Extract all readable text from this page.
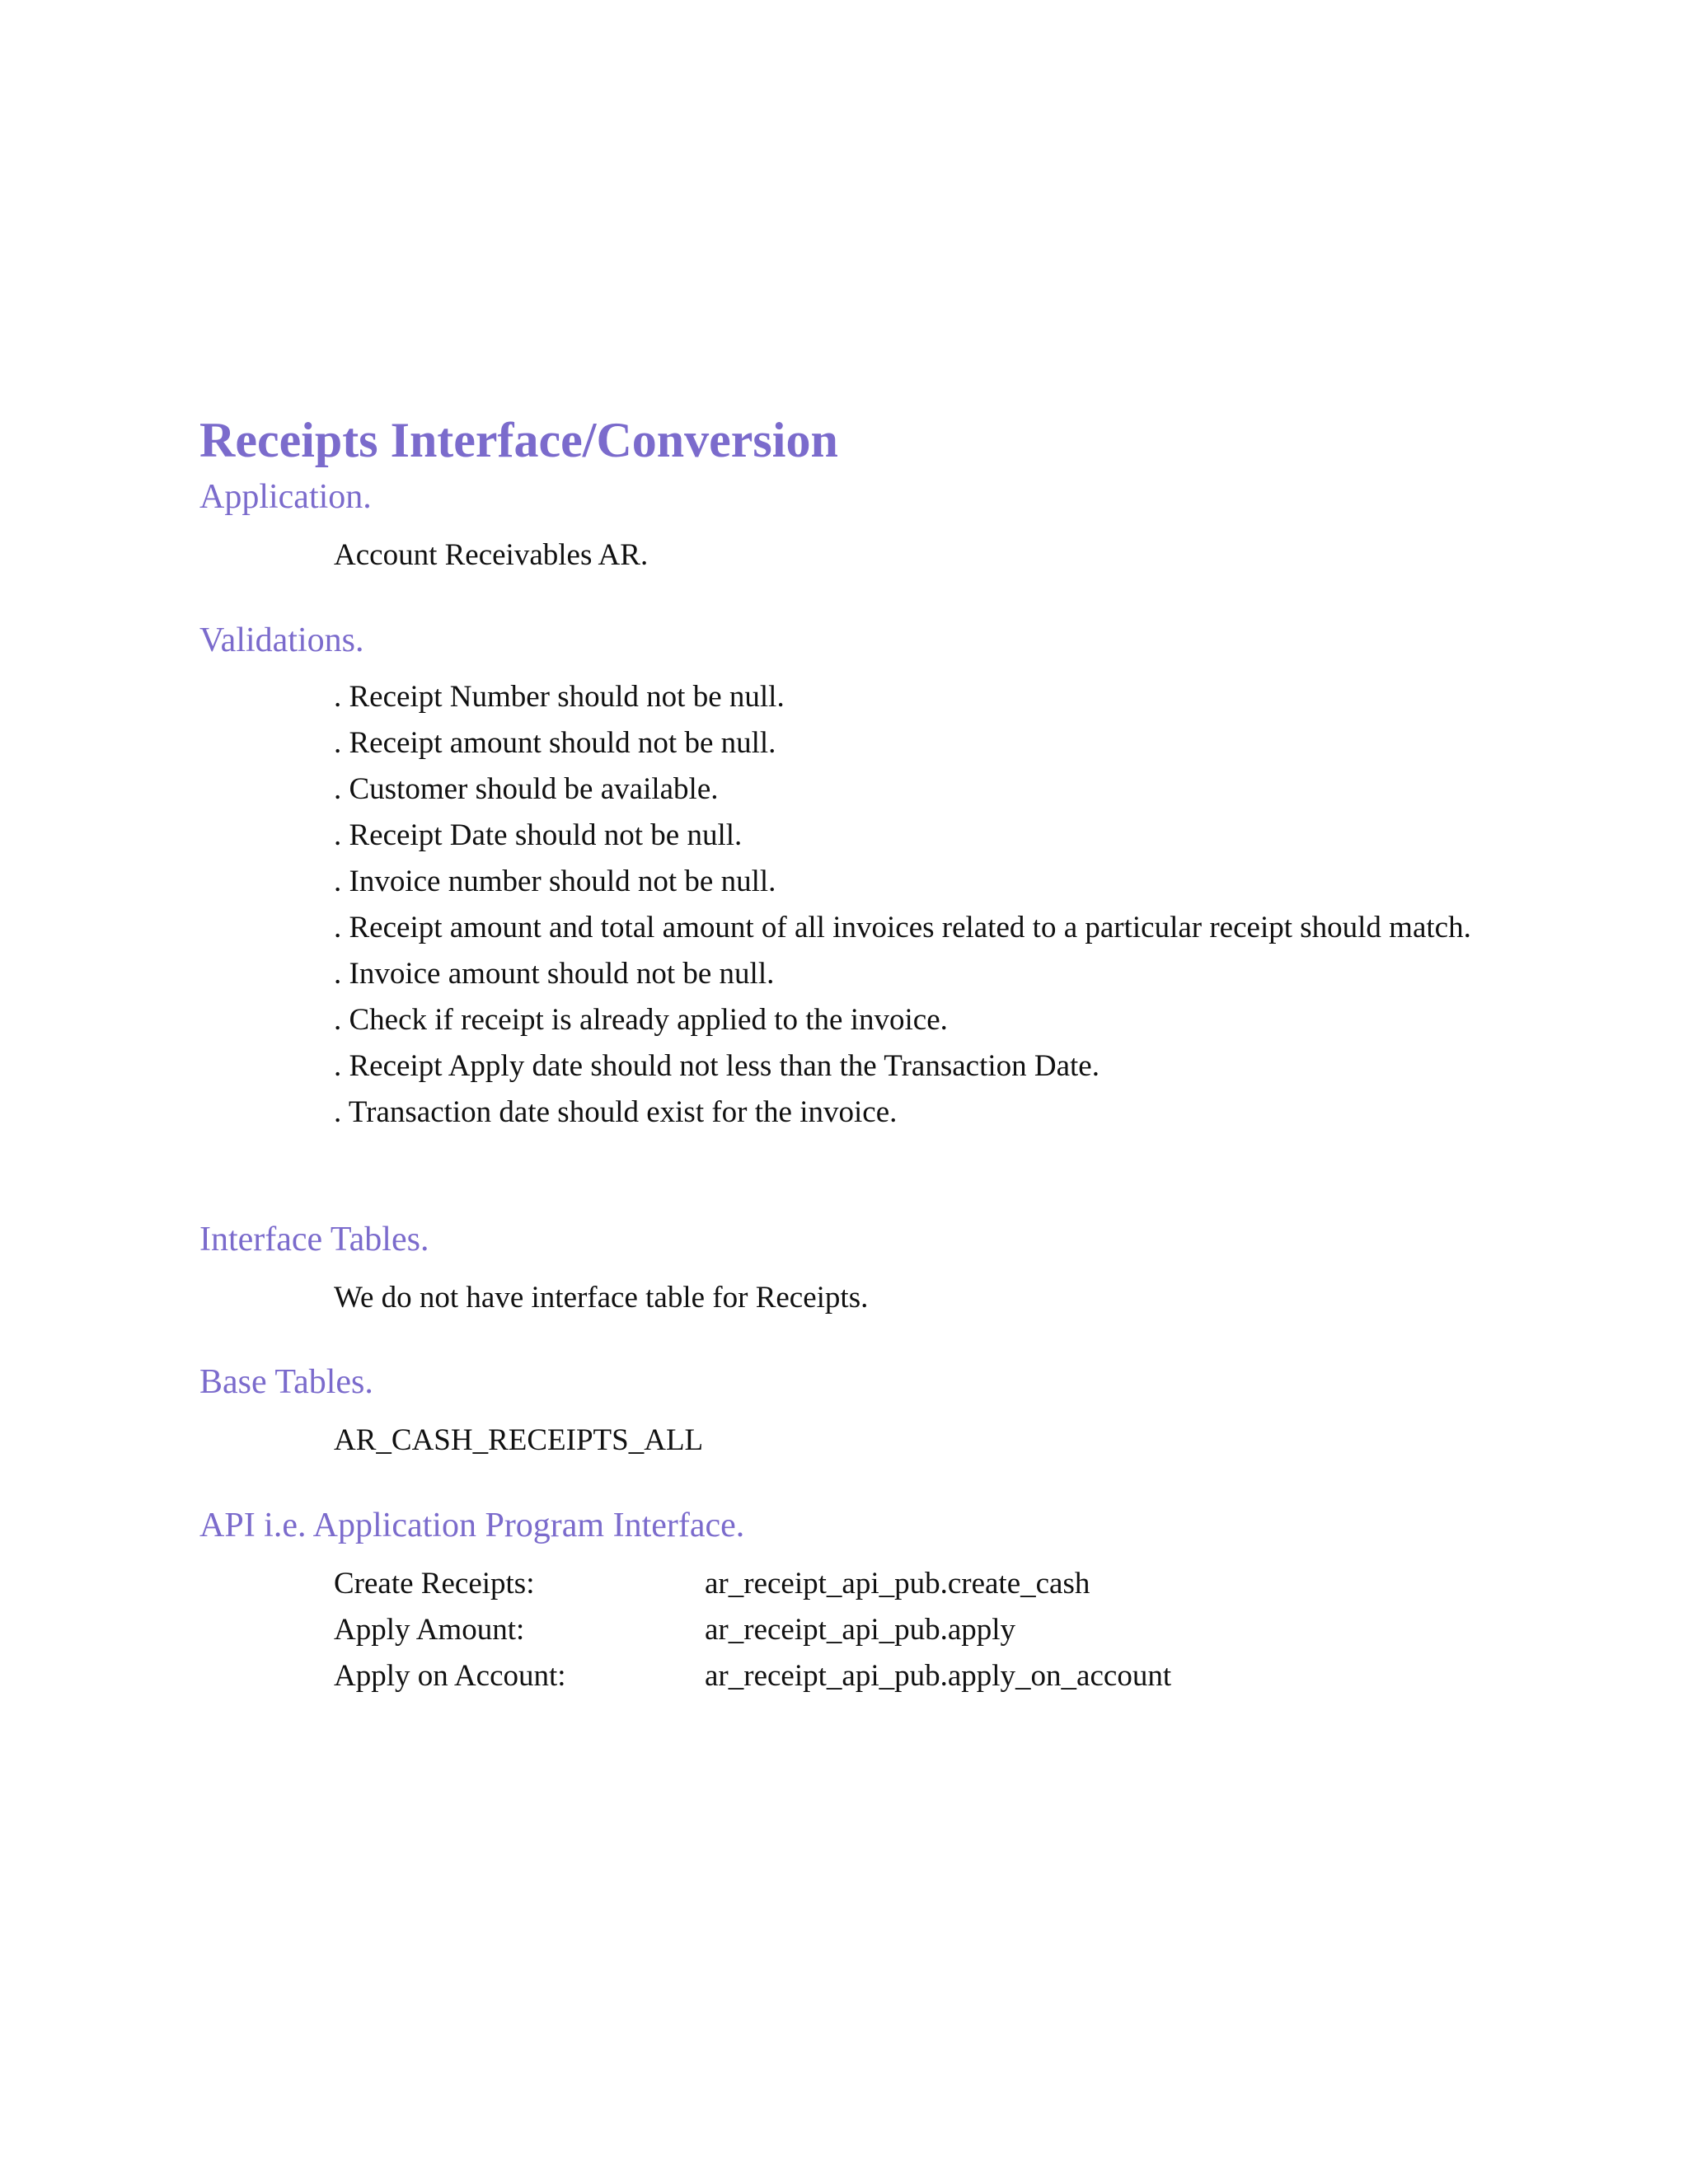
Receipts Interface/Conversion
Application.

Account Receivables AR.

Validations.
. Receipt Number should not be null.
. Receipt amount should not be null.
. Customer should be available.
. Receipt Date should not be null.
. Invoice number should not be null.
. Receipt amount and total amount of all invoices related to a particular receipt should match.
. Invoice amount should not be null.
. Check if receipt is already applied to the invoice.
. Receipt Apply date should not less than the Transaction Date.
. Transaction date should exist for the invoice.
Interface Tables.

We do not have interface table for Receipts.

Base Tables.

AR_CASH_RECEIPTS_ALL

API i.e. Application Program Interface.
Create Receipts:	ar_receipt_api_pub.create_cash
Apply Amount:	ar_receipt_api_pub.apply
Apply on Account:	ar_receipt_api_pub.apply_on_account
